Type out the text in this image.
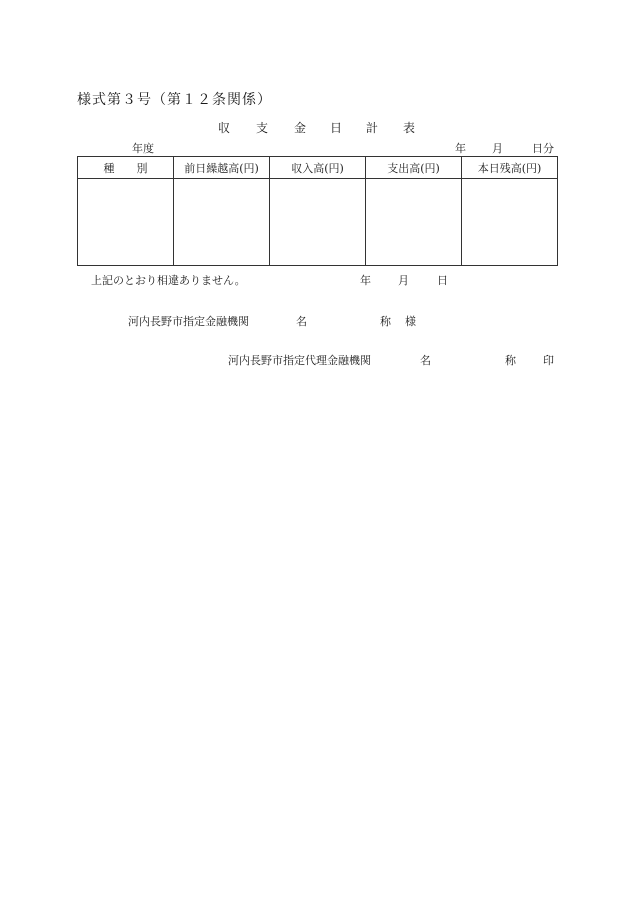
様式第３号（第１２条関係）
収 支 金 日 計 表
年度	年 月	日分
種　　別	前日繰越高(円)	収入高(円)	支出高(円)	本日残高(円)

上記のとおり相違ありません。	年 月	日
河内長野市指定金融機関	名	称 様
河内長野市指定代理金融機関	名	称 印
